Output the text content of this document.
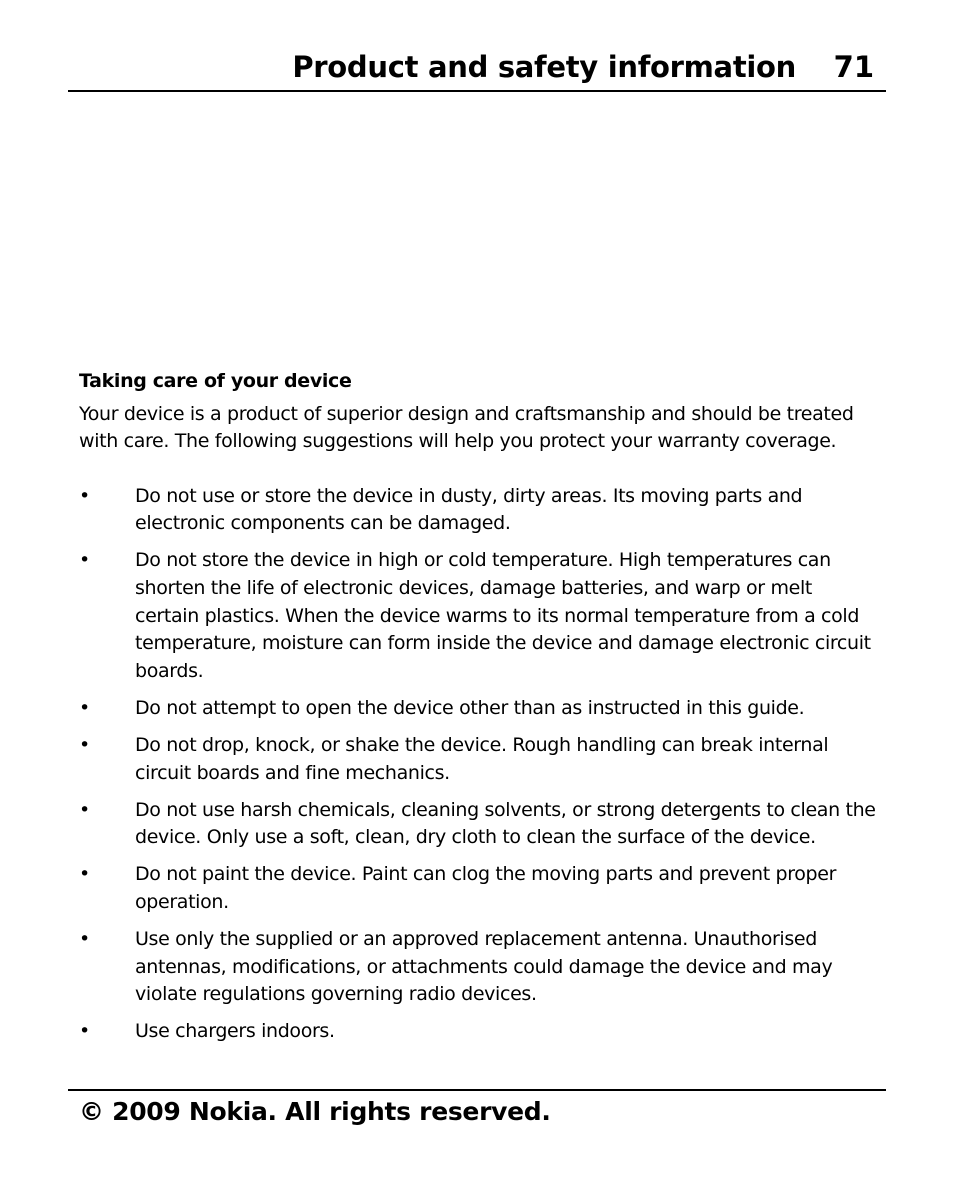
Product and safety information 71
Taking care of your device
Your device is a product of superior design and craftsmanship and should be treated with care. The following suggestions will help you protect your warranty coverage.
• Do not use or store the device in dusty, dirty areas. Its moving parts and electronic components can be damaged.
• Do not store the device in high or cold temperature. High temperatures can shorten the life of electronic devices, damage batteries, and warp or melt certain plastics. When the device warms to its normal temperature from a cold temperature, moisture can form inside the device and damage electronic circuit boards.
• Do not attempt to open the device other than as instructed in this guide.
• Do not drop, knock, or shake the device. Rough handling can break internal circuit boards and fine mechanics.
• Do not use harsh chemicals, cleaning solvents, or strong detergents to clean the device. Only use a soft, clean, dry cloth to clean the surface of the device.
• Do not paint the device. Paint can clog the moving parts and prevent proper operation.
• Use only the supplied or an approved replacement antenna. Unauthorised antennas, modifications, or attachments could damage the device and may violate regulations governing radio devices.
• Use chargers indoors.
© 2009 Nokia. All rights reserved.
